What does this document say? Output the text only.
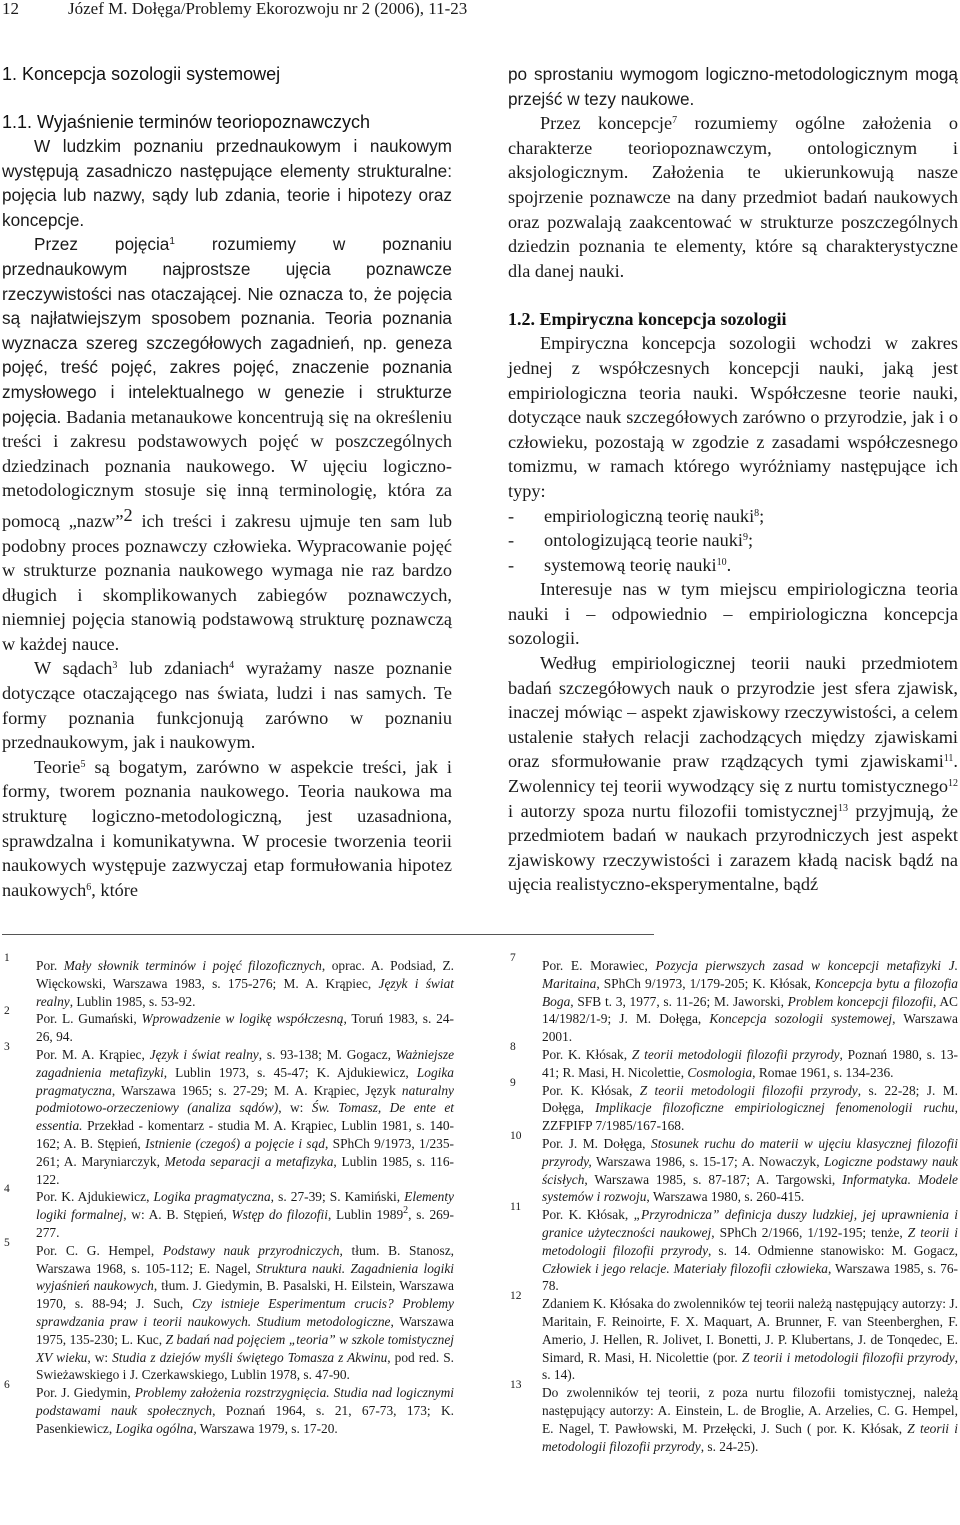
12	Józef M. Dołęga/Problemy Ekorozwoju nr 2 (2006), 11-23
1. Koncepcja sozologii systemowej
1.1. Wyjaśnienie terminów teoriopoznawczych

W ludzkim poznaniu przednaukowym i naukowym występują zasadniczo następujące elementy strukturalne: pojęcia lub nazwy, sądy lub zdania, teorie i hipotezy oraz koncepcje.

Przez pojęcia$^1$ rozumiemy w poznaniu przednaukowym najprostsze ujęcia poznawcze rzeczywistości nas otaczającej. Nie oznacza to, że pojęcia są najłatwiejszym sposobem poznania. Teoria poznania wyznacza szereg szczegółowych zagadnień, np. geneza pojęć, treść pojęć, zakres pojęć, znaczenie poznania zmysłowego i intelektualnego w genezie i strukturze pojęcia. Badania metanaukowe koncentrują się na określeniu treści i zakresu podstawowych pojęć w poszczególnych dziedzinach poznania naukowego. W ujęciu logiczno-metodologicznym stosuje się inną terminologię, która za pomocą „nazw”$^2$ ich treści i zakresu ujmuje ten sam lub podobny proces poznawczy człowieka. Wypracowanie pojęć w strukturze poznania naukowego wymaga nie raz bardzo długich i skomplikowanych zabiegów poznawczych, niemniej pojęcia stanowią podstawową strukturę poznawczą w każdej nauce.

W sądach$^3$ lub zdaniach$^4$ wyrażamy nasze poznanie dotyczące otaczającego nas świata, ludzi i nas samych. Te formy poznania funkcjonują zarówno w poznaniu przednaukowym, jak i naukowym.

Teorie$^5$ są bogatym, zarówno w aspekcie treści, jak i formy, tworem poznania naukowego. Teoria naukowa ma strukturę logiczno-metodologiczną, jest uzasadniona, sprawdzalna i komunikatywna. W procesie tworzenia teorii naukowych występuje zazwyczaj etap formułowania hipotez naukowych$^6$, które

po sprostaniu wymogom logiczno-metodologicznym mogą przejść w tezy naukowe.

Przez koncepcje$^7$ rozumiemy ogólne założenia o charakterze teoriopoznawczym, ontologicznym i aksjologicznym. Założenia te ukierunkowują nasze spojrzenie poznawcze na dany przedmiot badań naukowych oraz pozwalają zaakcentować w strukturze poszczególnych dziedzin poznania te elementy, które są charakterystyczne dla danej nauki.

1.2. Empiryczna koncepcja sozologii

Empiryczna koncepcja sozologii wchodzi w zakres jednej z współczesnych koncepcji nauki, jaką jest empiriologiczna teoria nauki. Współczesne teorie nauki, dotyczące nauk szczegółowych zarówno o przyrodzie, jak i o człowieku, pozostają w zgodzie z zasadami współczesnego tomizmu, w ramach którego wyróżniamy następujące ich typy:

- empiriologiczną teorię nauki$^8$;
- ontologizującą teorie nauki$^9$;
- systemową teorię nauki$^{10}$.

Interesuje nas w tym miejscu empiriologiczna teoria nauki i – odpowiednio – empiriologiczna koncepcja sozologii.

Według empiriologicznej teorii nauki przedmiotem badań szczegółowych nauk o przyrodzie jest sfera zjawisk, inaczej mówiąc – aspekt zjawiskowy rzeczywistości, a celem ustalenie stałych relacji zachodzących między zjawiskami oraz sformułowanie praw rządzących tymi zjawiskami$^{11}$. Zwolennicy tej teorii wywodzący się z nurtu tomistycznego$^{12}$ i autorzy spoza nurtu filozofii tomistycznej$^{13}$ przyjmują, że przedmiotem badań w naukach przyrodniczych jest aspekt zjawiskowy rzeczywistości i zarazem kładą nacisk bądź na ujęcia realistyczno-eksperymentalne, bądź

1 Por. Mały słownik terminów i pojęć filozoficznych, oprac. A. Podsiad, Z. Więckowski, Warszawa 1983, s. 175-276; M. A. Krąpiec, Język i świat realny, Lublin 1985, s. 53-92.
2 Por. L. Gumański, Wprowadzenie w logikę współczesną, Toruń 1983, s. 24-26, 94.
3 Por. M. A. Krąpiec, Język i świat realny, s. 93-138; M. Gogacz, Ważniejsze zagadnienia metafizyki, Lublin 1973, s. 45-47; K. Ajdukiewicz, Logika pragmatyczna, Warszawa 1965; s. 27-29; M. A. Krąpiec, Język naturalny podmiotowo-orzeczeniowy (analiza sądów), w: Św. Tomasz, De ente et essentia. Przekład - komentarz - studia M. A. Krąpiec, Lublin 1981, s. 140-162; A. B. Stępień, Istnienie (czegoś) a pojęcie i sąd, SPhCh 9/1973, 1/235-261; A. Maryniarczyk, Metoda separacji a metafizyka, Lublin 1985, s. 116-122.
4 Por. K. Ajdukiewicz, Logika pragmatyczna, s. 27-39; S. Kamiński, Elementy logiki formalnej, w: A. B. Stępień, Wstęp do filozofii, Lublin 1989$^2$, s. 269-277.
5 Por. C. G. Hempel, Podstawy nauk przyrodniczych, tłum. B. Stanosz, Warszawa 1968, s. 105-112; E. Nagel, Struktura nauki. Zagadnienia logiki wyjaśnień naukowych, tłum. J. Giedymin, B. Pasalski, H. Eilstein, Warszawa 1970, s. 88-94; J. Such, Czy istnieje Esperimentum crucis? Problemy sprawdzania praw i teorii naukowych. Studium metodologiczne, Warszawa 1975, 135-230; L. Kuc, Z badań nad pojęciem „teoria” w szkole tomistycznej XV wieku, w: Studia z dziejów myśli świętego Tomasza z Akwinu, pod red. S. Swieżawskiego i J. Czerkawskiego, Lublin 1978, s. 47-90.
6 Por. J. Giedymin, Problemy założenia rozstrzygnięcia. Studia nad logicznymi podstawami nauk społecznych, Poznań 1964, s. 21, 67-73, 173; K. Pasenkiewicz, Logika ogólna, Warszawa 1979, s. 17-20.
7 Por. E. Morawiec, Pozycja pierwszych zasad w koncepcji metafizyki J. Maritaina, SPhCh 9/1973, 1/179-205; K. Kłósak, Koncepcja bytu a filozofia Boga, SFB t. 3, 1977, s. 11-26; M. Jaworski, Problem koncepcji filozofii, AC 14/1982/1-9; J. M. Dołęga, Koncepcja sozologii systemowej, Warszawa 2001.
8 Por. K. Kłósak, Z teorii metodologii filozofii przyrody, Poznań 1980, s. 13-41; R. Masi, H. Nicolettie, Cosmologia, Romae 1961, s. 134-236.
9 Por. K. Kłósak, Z teorii metodologii filozofii przyrody, s. 22-28; J. M. Dołęga, Implikacje filozoficzne empiriologicznej fenomenologii ruchu, ZZFPIFP 7/1985/167-168.
10 Por. J. M. Dołęga, Stosunek ruchu do materii w ujęciu klasycznej filozofii przyrody, Warszawa 1986, s. 15-17; A. Nowaczyk, Logiczne podstawy nauk ścisłych, Warszawa 1985, s. 87-187; A. Targowski, Informatyka. Modele systemów i rozwoju, Warszawa 1980, s. 260-415.
11 Por. K. Kłósak, „Przyrodnicza” definicja duszy ludzkiej, jej uprawnienia i granice użyteczności naukowej, SPhCh 2/1966, 1/192-195; tenże, Z teorii i metodologii filozofii przyrody, s. 14. Odmienne stanowisko: M. Gogacz, Człowiek i jego relacje. Materiały filozofii człowieka, Warszawa 1985, s. 76-78.
12 Zdaniem K. Kłósaka do zwolenników tej teorii należą następujący autorzy: J. Maritain, F. Reinoirte, F. X. Maquart, A. Brunner, F. van Steenberghen, F. Amerio, J. Hellen, R. Jolivet, I. Bonetti, J. P. Klubertans, J. de Tonqedec, E. Simard, R. Masi, H. Nicolettie (por. Z teorii i metodologii filozofii przyrody, s. 14).
13 Do zwolenników tej teorii, z poza nurtu filozofii tomistycznej, należą następujący autorzy: A. Einstein, L. de Broglie, A. Arzelies, C. G. Hempel, E. Nagel, T. Pawłowski, M. Przełęcki, J. Such ( por. K. Kłósak, Z teorii i metodologii filozofii przyrody, s. 24-25).
